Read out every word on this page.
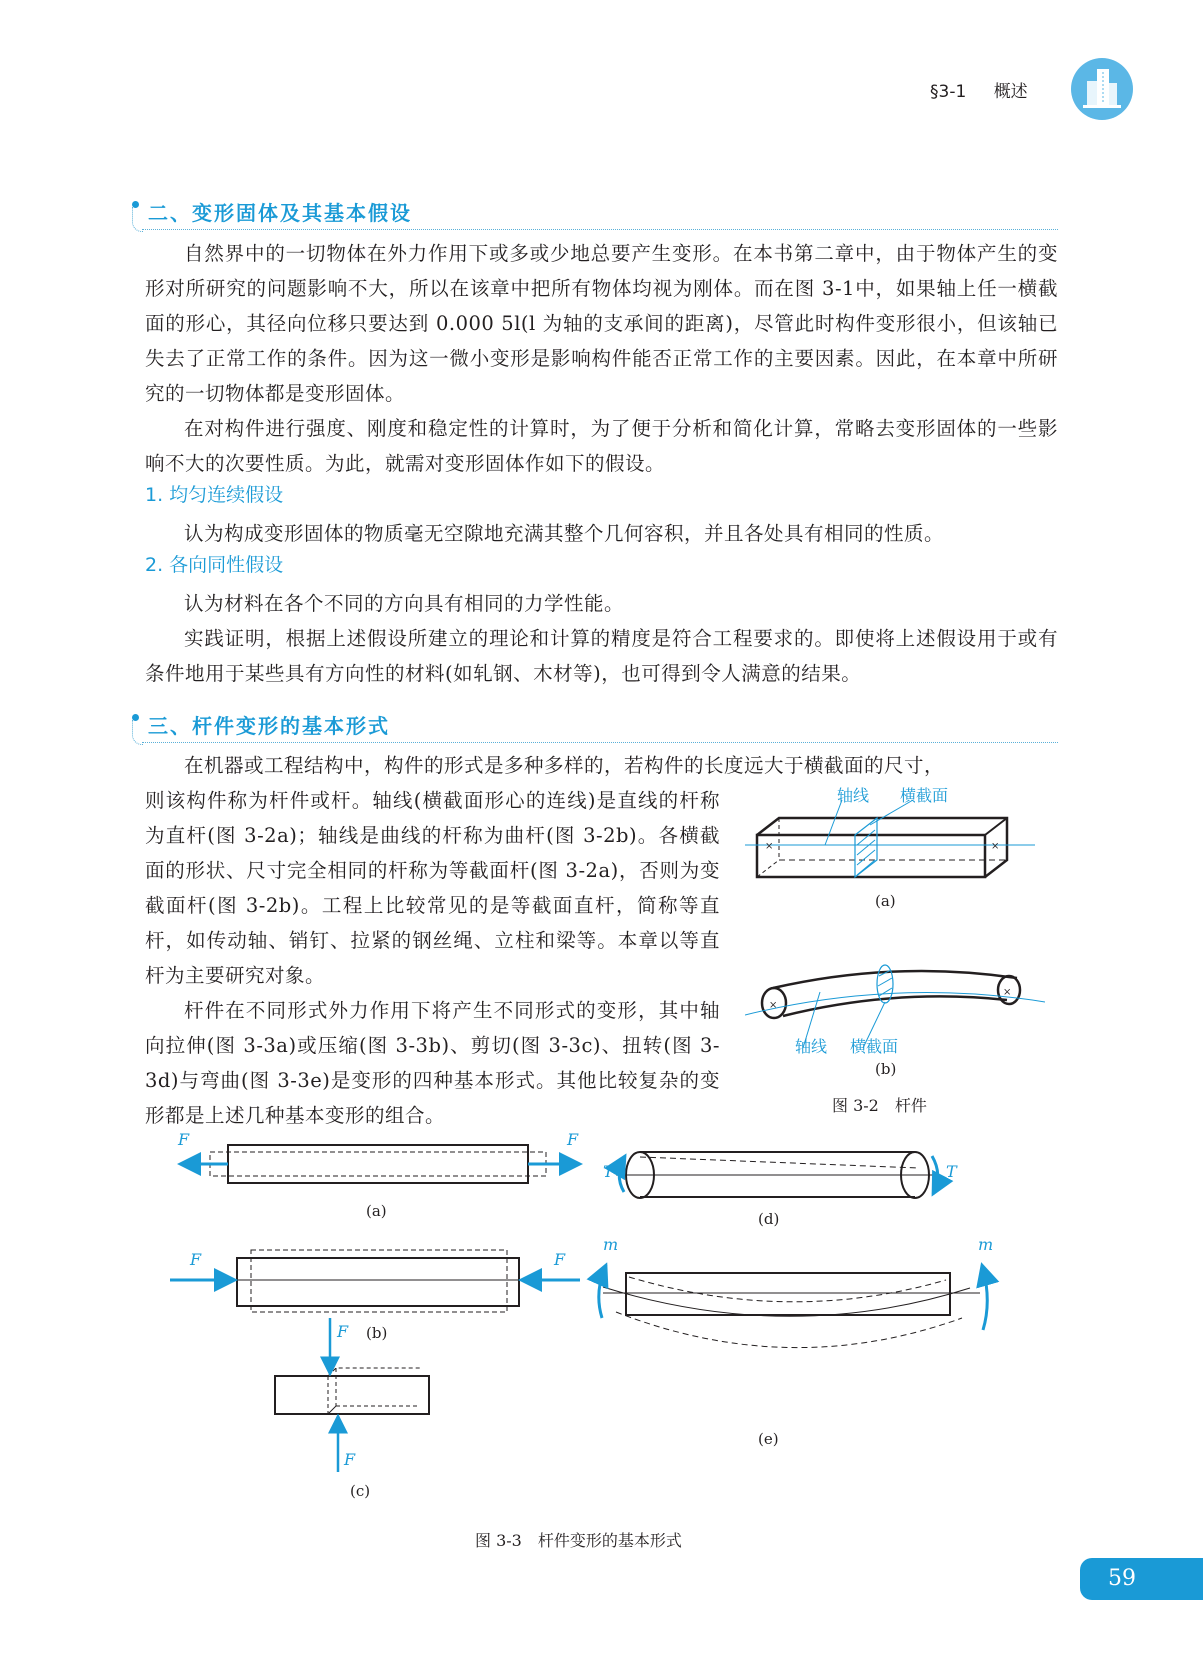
§3-1 概述
二、变形固体及其基本假设

自然界中的一切物体在外力作用下或多或少地总要产生变形。在本书第二章中，由于物体产生的变形对所研究的问题影响不大，所以在该章中把所有物体均视为刚体。而在图 3-1中，如果轴上任一横截面的形心，其径向位移只要达到 0.000 5l(l 为轴的支承间的距离)，尽管此时构件变形很小，但该轴已失去了正常工作的条件。因为这一微小变形是影响构件能否正常工作的主要因素。因此，在本章中所研究的一切物体都是变形固体。

在对构件进行强度、刚度和稳定性的计算时，为了便于分析和简化计算，常略去变形固体的一些影响不大的次要性质。为此，就需对变形固体作如下的假设。

1. 均匀连续假设

认为构成变形固体的物质毫无空隙地充满其整个几何容积，并且各处具有相同的性质。

2. 各向同性假设

认为材料在各个不同的方向具有相同的力学性能。

实践证明，根据上述假设所建立的理论和计算的精度是符合工程要求的。即使将上述假设用于或有条件地用于某些具有方向性的材料(如轧钢、木材等)，也可得到令人满意的结果。

三、杆件变形的基本形式

在机器或工程结构中，构件的形式是多种多样的，若构件的长度远大于横截面的尺寸，

则该构件称为杆件或杆。轴线(横截面形心的连线)是直线的杆称为直杆(图 3-2a)；轴线是曲线的杆称为曲杆(图 3-2b)。各横截面的形状、尺寸完全相同的杆称为等截面杆(图 3-2a)，否则为变截面杆(图 3-2b)。工程上比较常见的是等截面直杆，简称等直杆，如传动轴、销钉、拉紧的钢丝绳、立柱和梁等。本章以等直杆为主要研究对象。

杆件在不同形式外力作用下将产生不同形式的变形，其中轴向拉伸(图 3-3a)或压缩(图 3-3b)、剪切(图 3-3c)、扭转(图 3-3d)与弯曲(图 3-3e)是变形的四种基本形式。其他比较复杂的变形都是上述几种基本变形的组合。

×	×
×
×
轴线 横截面
(a)
轴线 横截面
(b)
图 3-2　杆件
F	F
(a)
F	F
(b)
F
F
(c)
T	T
(d)
m	m
(e)
图 3-3　杆件变形的基本形式
59
